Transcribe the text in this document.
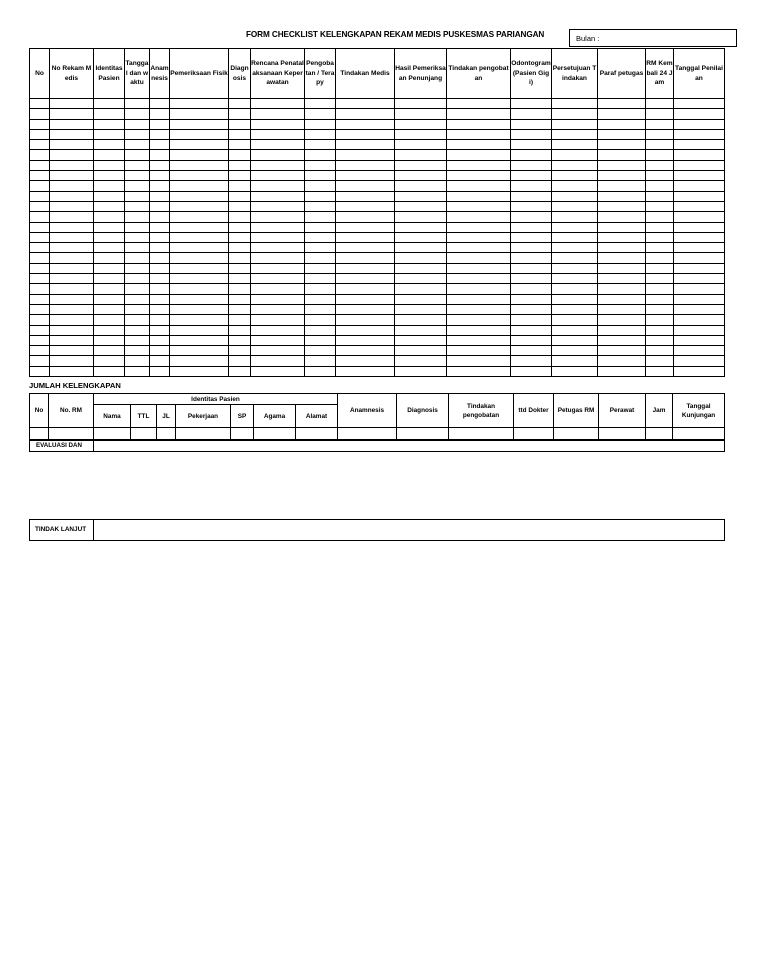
FORM CHECKLIST KELENGKAPAN REKAM MEDIS PUSKESMAS PARIANGAN	Bulan :
No	No Rekam Medis	Identitas Pasien	Tanggal dan waktu	Anamnesis	Pemeriksaan Fisik	Diagnosis	Rencana Penatalaksanaan Keperawatan	Pengobatan / Terapy	Tindakan Medis	Hasil Pemeriksaan Penunjang	Tindakan pengobatan	Odontogram (Pasien Gigi)	Persetujuan Tindakan	Paraf petugas	RM Kembali 24 Jam	Tanggal Penilaian

JUMLAH KELENGKAPAN
No	No. RM	Identitas Pasien							Anamnesis	Diagnosis	Tindakan pengobatan	ttd Dokter	Petugas RM	Perawat	Jam	Tanggal Kunjungan
		Nama	TTL	JL	Pekerjaan	SP	Agama	Alamat								

EVALUASI DAN	
TINDAK LANJUT	
